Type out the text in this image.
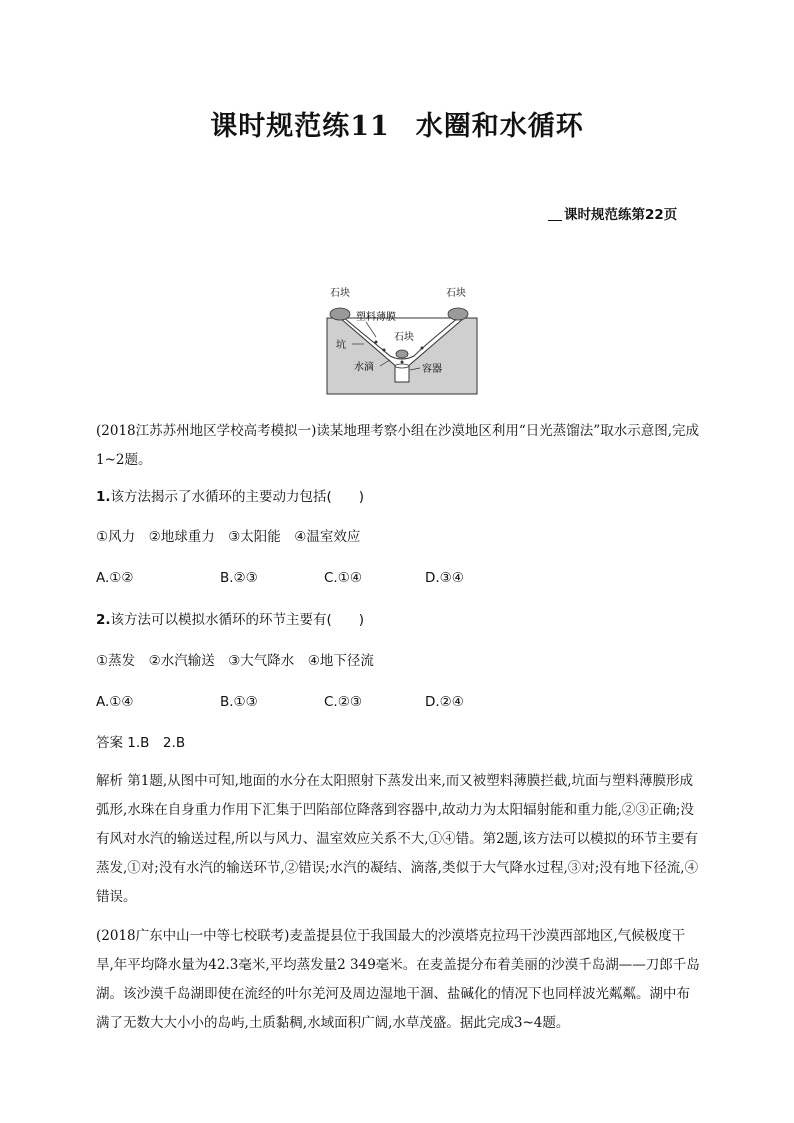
课时规范练11 水圈和水循环
课时规范练第22页
石块	石块
塑料薄膜
石块
坑
水滴	容器

(2018江苏苏州地区学校高考模拟一)读某地理考察小组在沙漠地区利用“日光蒸馏法”取水示意图,完成1~2题。

1.该方法揭示了水循环的主要动力包括(　　)

①风力　②地球重力　③太阳能　④温室效应

A.①②	B.②③	C.①④	D.③④

2.该方法可以模拟水循环的环节主要有(　　)

①蒸发　②水汽输送　③大气降水　④地下径流

A.①④	B.①③	C.②③	D.②④

答案 1.B　2.B

解析 第1题,从图中可知,地面的水分在太阳照射下蒸发出来,而又被塑料薄膜拦截,坑面与塑料薄膜形成弧形,水珠在自身重力作用下汇集于凹陷部位降落到容器中,故动力为太阳辐射能和重力能,②③正确;没有风对水汽的输送过程,所以与风力、温室效应关系不大,①④错。第2题,该方法可以模拟的环节主要有蒸发,①对;没有水汽的输送环节,②错误;水汽的凝结、滴落,类似于大气降水过程,③对;没有地下径流,④错误。

(2018广东中山一中等七校联考)麦盖提县位于我国最大的沙漠塔克拉玛干沙漠西部地区,气候极度干旱,年平均降水量为42.3毫米,平均蒸发量2 349毫米。在麦盖提分布着美丽的沙漠千岛湖——刀郎千岛湖。该沙漠千岛湖即使在流经的叶尔羌河及周边湿地干涸、盐碱化的情况下也同样波光粼粼。湖中布满了无数大大小小的岛屿,土质黏稠,水域面积广阔,水草茂盛。据此完成3~4题。
